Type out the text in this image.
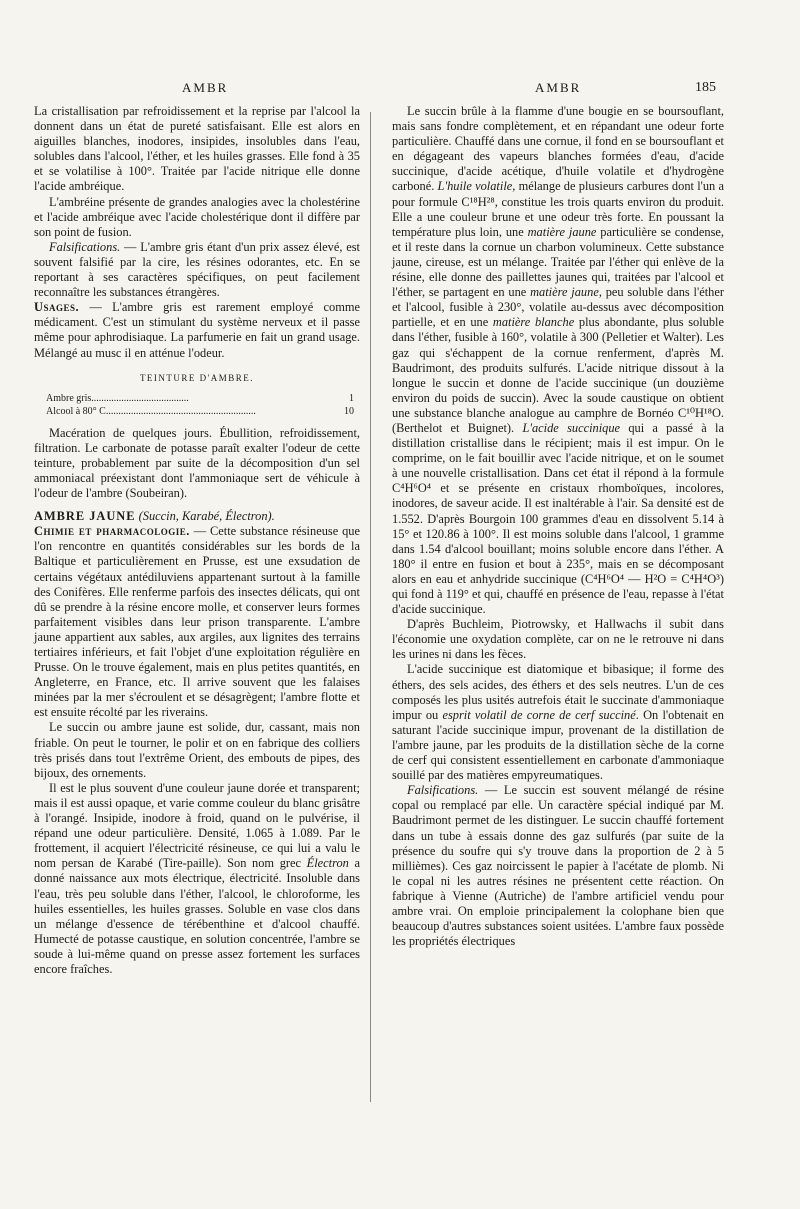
AMBR	AMBR	185

La cristallisation par refroidissement et la reprise par l'alcool la donnent dans un état de pureté satisfaisant. Elle est alors en aiguilles blanches, inodores, insipides, insolubles dans l'eau, solubles dans l'alcool, l'éther, et les huiles grasses. Elle fond à 35 et se volatilise à 100°. Traitée par l'acide nitrique elle donne l'acide ambréique.

L'ambréine présente de grandes analogies avec la cholestérine et l'acide ambréique avec l'acide cholestérique dont il diffère par son point de fusion.

Falsifications. — L'ambre gris étant d'un prix assez élevé, est souvent falsifié par la cire, les résines odorantes, etc. En se reportant à ses caractères spécifiques, on peut facilement reconnaître les substances étrangères.

Usages. — L'ambre gris est rarement employé comme médicament. C'est un stimulant du système nerveux et il passe même pour aphrodisiaque. La parfumerie en fait un grand usage. Mélangé au musc il en atténue l'odeur.

TEINTURE D'AMBRE.
Ambre gris.......................................	1
Alcool à 80° C............................................................	10

Macération de quelques jours. Ébullition, refroidissement, filtration. Le carbonate de potasse paraît exalter l'odeur de cette teinture, probablement par suite de la décomposition d'un sel ammoniacal préexistant dont l'ammoniaque sert de véhicule à l'odeur de l'ambre (Soubeiran).

AMBRE JAUNE (Succin, Karabé, Électron).

Chimie et pharmacologie. — Cette substance résineuse que l'on rencontre en quantités considérables sur les bords de la Baltique et particulièrement en Prusse, est une exsudation de certains végétaux antédiluviens appartenant surtout à la famille des Conifères. Elle renferme parfois des insectes délicats, qui ont dû se prendre à la résine encore molle, et conserver leurs formes parfaitement visibles dans leur prison transparente. L'ambre jaune appartient aux sables, aux argiles, aux lignites des terrains tertiaires inférieurs, et fait l'objet d'une exploitation régulière en Prusse. On le trouve également, mais en plus petites quantités, en Angleterre, en France, etc. Il arrive souvent que les falaises minées par la mer s'écroulent et se désagrègent; l'ambre flotte et est ensuite récolté par les riverains.

Le succin ou ambre jaune est solide, dur, cassant, mais non friable. On peut le tourner, le polir et on en fabrique des colliers très prisés dans tout l'extrême Orient, des embouts de pipes, des bijoux, des ornements.

Il est le plus souvent d'une couleur jaune dorée et transparent; mais il est aussi opaque, et varie comme couleur du blanc grisâtre à l'orangé. Insipide, inodore à froid, quand on le pulvérise, il répand une odeur particulière. Densité, 1.065 à 1.089. Par le frottement, il acquiert l'électricité résineuse, ce qui lui a valu le nom persan de Karabé (Tire-paille). Son nom grec Électron a donné naissance aux mots électrique, électricité. Insoluble dans l'eau, très peu soluble dans l'éther, l'alcool, le chloroforme, les huiles essentielles, les huiles grasses. Soluble en vase clos dans un mélange d'essence de térébenthine et d'alcool chauffé. Humecté de potasse caustique, en solution concentrée, l'ambre se soude à lui-même quand on presse assez fortement les surfaces encore fraîches.

Le succin brûle à la flamme d'une bougie en se boursouflant, mais sans fondre complètement, et en répandant une odeur forte particulière. Chauffé dans une cornue, il fond en se boursouflant et en dégageant des vapeurs blanches formées d'eau, d'acide succinique, d'acide acétique, d'huile volatile et d'hydrogène carboné. L'huile volatile, mélange de plusieurs carbures dont l'un a pour formule C¹⁸H²⁸, constitue les trois quarts environ du produit. Elle a une couleur brune et une odeur très forte. En poussant la température plus loin, une matière jaune particulière se condense, et il reste dans la cornue un charbon volumineux. Cette substance jaune, cireuse, est un mélange. Traitée par l'éther qui enlève de la résine, elle donne des paillettes jaunes qui, traitées par l'alcool et l'éther, se partagent en une matière jaune, peu soluble dans l'éther et l'alcool, fusible à 230°, volatile au-dessus avec décomposition partielle, et en une matière blanche plus abondante, plus soluble dans l'éther, fusible à 160°, volatile à 300 (Pelletier et Walter). Les gaz qui s'échappent de la cornue renferment, d'après M. Baudrimont, des produits sulfurés. L'acide nitrique dissout à la longue le succin et donne de l'acide succinique (un douzième environ du poids de succin). Avec la soude caustique on obtient une substance blanche analogue au camphre de Bornéo C¹⁰H¹⁸O. (Berthelot et Buignet). L'acide succinique qui a passé à la distillation cristallise dans le récipient; mais il est impur. On le comprime, on le fait bouillir avec l'acide nitrique, et on le soumet à une nouvelle cristallisation. Dans cet état il répond à la formule C⁴H⁶O⁴ et se présente en cristaux rhomboïques, incolores, inodores, de saveur acide. Il est inaltérable à l'air. Sa densité est de 1.552. D'après Bourgoin 100 grammes d'eau en dissolvent 5.14 à 15° et 120.86 à 100°. Il est moins soluble dans l'alcool, 1 gramme dans 1.54 d'alcool bouillant; moins soluble encore dans l'éther. A 180° il entre en fusion et bout à 235°, mais en se décomposant alors en eau et anhydride succinique (C⁴H⁶O⁴ — H²O = C⁴H⁴O³) qui fond à 119° et qui, chauffé en présence de l'eau, repasse à l'état d'acide succinique.

D'après Buchleim, Piotrowsky, et Hallwachs il subit dans l'économie une oxydation complète, car on ne le retrouve ni dans les urines ni dans les fèces.

L'acide succinique est diatomique et bibasique; il forme des éthers, des sels acides, des éthers et des sels neutres. L'un de ces composés les plus usités autrefois était le succinate d'ammoniaque impur ou esprit volatil de corne de cerf succiné. On l'obtenait en saturant l'acide succinique impur, provenant de la distillation de l'ambre jaune, par les produits de la distillation sèche de la corne de cerf qui consistent essentiellement en carbonate d'ammoniaque souillé par des matières empyreumatiques.

Falsifications. — Le succin est souvent mélangé de résine copal ou remplacé par elle. Un caractère spécial indiqué par M. Baudrimont permet de les distinguer. Le succin chauffé fortement dans un tube à essais donne des gaz sulfurés (par suite de la présence du soufre qui s'y trouve dans la proportion de 2 à 5 millièmes). Ces gaz noircissent le papier à l'acétate de plomb. Ni le copal ni les autres résines ne présentent cette réaction. On fabrique à Vienne (Autriche) de l'ambre artificiel vendu pour ambre vrai. On emploie principalement la colophane bien que beaucoup d'autres substances soient usitées. L'ambre faux possède les propriétés électriques
